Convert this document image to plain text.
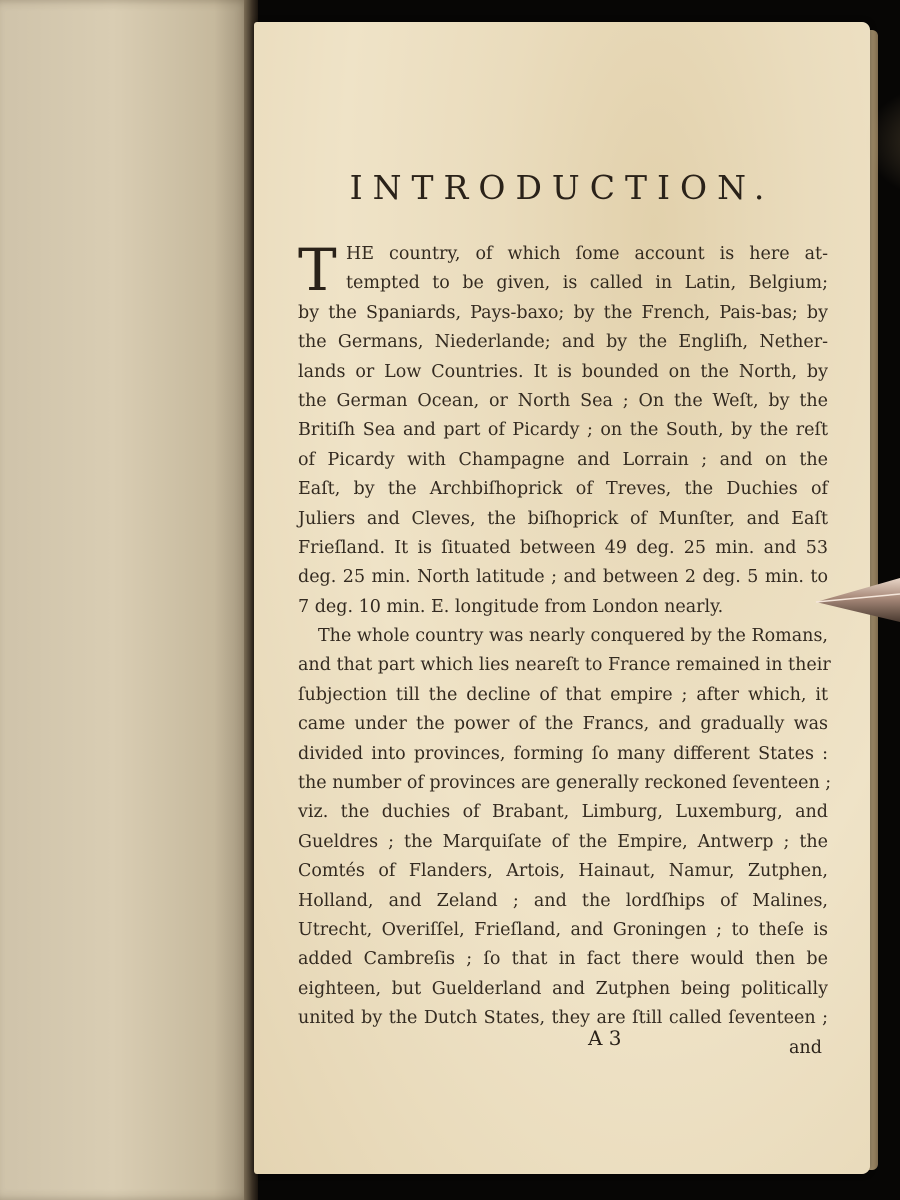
INTRODUCTION.
T HE country, of which ſome account is here at-
tempted to be given, is called in Latin, Belgium;
by the Spaniards, Pays-baxo; by the French, Pais-bas; by
the Germans, Niederlande; and by the Engliſh, Nether-
lands or Low Countries. It is bounded on the North, by
the German Ocean, or North Sea ; On the Weſt, by the
Britiſh Sea and part of Picardy ; on the South, by the reſt
of Picardy with Champagne and Lorrain ; and on the
Eaſt, by the Archbiſhoprick of Treves, the Duchies of
Juliers and Cleves, the biſhoprick of Munſter, and Eaſt
Frieſland. It is ſituated between 49 deg. 25 min. and 53
deg. 25 min. North latitude ; and between 2 deg. 5 min. to
7 deg. 10 min. E. longitude from London nearly.
The whole country was nearly conquered by the Romans,
and that part which lies neareſt to France remained in their
ſubjection till the decline of that empire ; after which, it
came under the power of the Francs, and gradually was
divided into provinces, forming ſo many different States :
the number of provinces are generally reckoned ſeventeen ;
viz. the duchies of Brabant, Limburg, Luxemburg, and
Gueldres ; the Marquiſate of the Empire, Antwerp ; the
Comtés of Flanders, Artois, Hainaut, Namur, Zutphen,
Holland, and Zeland ; and the lordſhips of Malines,
Utrecht, Overiſſel, Frieſland, and Groningen ; to theſe is
added Cambreſis ; ſo that in fact there would then be
eighteen, but Guelderland and Zutphen being politically
united by the Dutch States, they are ſtill called ſeventeen ;
A 3	and
